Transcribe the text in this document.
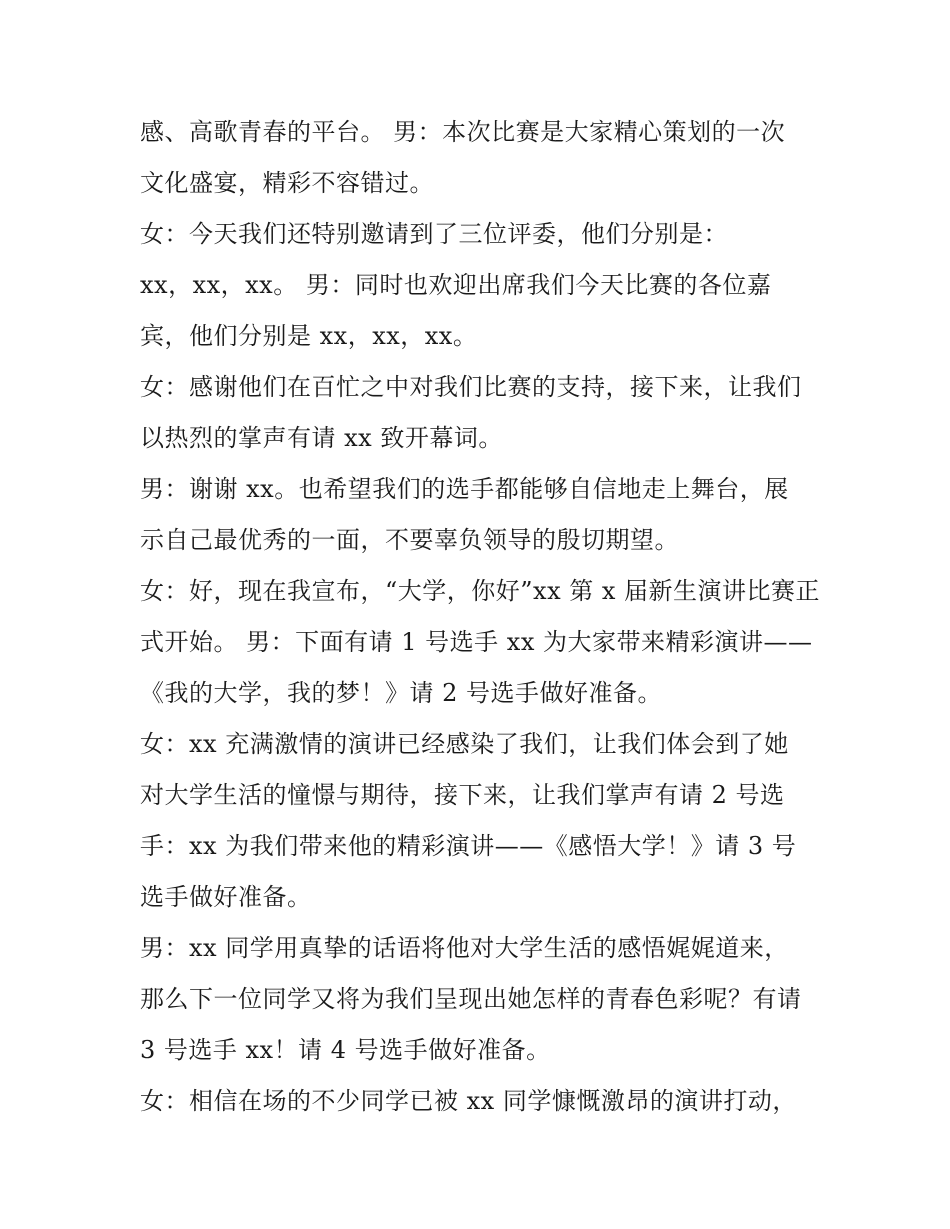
感、高歌青春的平台。 男：本次比赛是大家精心策划的一次
文化盛宴，精彩不容错过。
女：今天我们还特别邀请到了三位评委，他们分别是：
xx，xx，xx。 男：同时也欢迎出席我们今天比赛的各位嘉
宾，他们分别是 xx，xx，xx。
女：感谢他们在百忙之中对我们比赛的支持，接下来，让我们
以热烈的掌声有请 xx 致开幕词。
男：谢谢 xx。也希望我们的选手都能够自信地走上舞台，展
示自己最优秀的一面，不要辜负领导的殷切期望。
女：好，现在我宣布，“大学，你好”xx 第 x 届新生演讲比赛正
式开始。 男：下面有请 1 号选手 xx 为大家带来精彩演讲——
《我的大学，我的梦！》请 2 号选手做好准备。
女：xx 充满激情的演讲已经感染了我们，让我们体会到了她
对大学生活的憧憬与期待，接下来，让我们掌声有请 2 号选
手：xx 为我们带来他的精彩演讲——《感悟大学！》请 3 号
选手做好准备。
男：xx 同学用真挚的话语将他对大学生活的感悟娓娓道来，
那么下一位同学又将为我们呈现出她怎样的青春色彩呢？有请
3 号选手 xx！请 4 号选手做好准备。
女：相信在场的不少同学已被 xx 同学慷慨激昂的演讲打动，
